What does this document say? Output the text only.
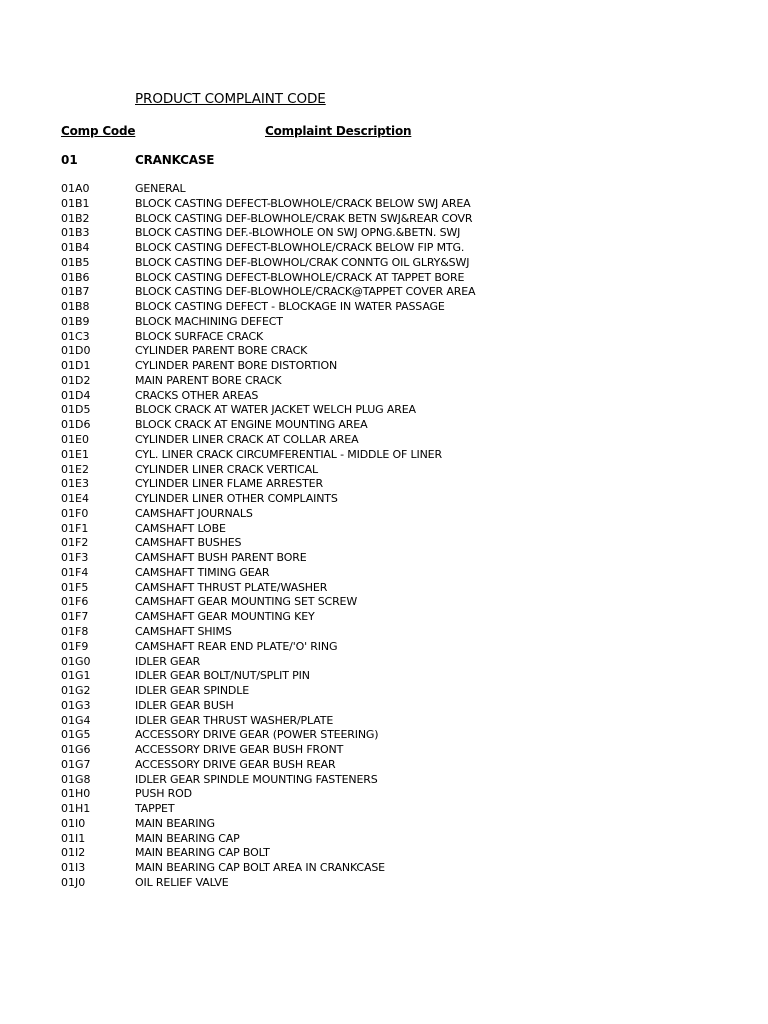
PRODUCT COMPLAINT CODE
Comp Code	Complaint Description
01	CRANKCASE
01A0	GENERAL
01B1	BLOCK CASTING DEFECT-BLOWHOLE/CRACK BELOW SWJ AREA
01B2	BLOCK CASTING DEF-BLOWHOLE/CRAK BETN SWJ&REAR COVR
01B3	BLOCK CASTING DEF.-BLOWHOLE ON SWJ OPNG.&BETN. SWJ
01B4	BLOCK CASTING DEFECT-BLOWHOLE/CRACK BELOW FIP MTG.
01B5	BLOCK CASTING DEF-BLOWHOL/CRAK CONNTG OIL GLRY&SWJ
01B6	BLOCK CASTING DEFECT-BLOWHOLE/CRACK AT TAPPET BORE
01B7	BLOCK CASTING DEF-BLOWHOLE/CRACK@TAPPET COVER AREA
01B8	BLOCK CASTING DEFECT - BLOCKAGE IN WATER PASSAGE
01B9	BLOCK MACHINING DEFECT
01C3	BLOCK SURFACE CRACK
01D0	CYLINDER PARENT BORE CRACK
01D1	CYLINDER PARENT BORE DISTORTION
01D2	MAIN PARENT BORE CRACK
01D4	CRACKS OTHER AREAS
01D5	BLOCK CRACK AT WATER JACKET WELCH PLUG AREA
01D6	BLOCK CRACK AT ENGINE MOUNTING AREA
01E0	CYLINDER LINER CRACK AT COLLAR AREA
01E1	CYL. LINER CRACK CIRCUMFERENTIAL - MIDDLE OF LINER
01E2	CYLINDER LINER CRACK VERTICAL
01E3	CYLINDER LINER FLAME ARRESTER
01E4	CYLINDER LINER OTHER COMPLAINTS
01F0	CAMSHAFT JOURNALS
01F1	CAMSHAFT LOBE
01F2	CAMSHAFT BUSHES
01F3	CAMSHAFT BUSH PARENT BORE
01F4	CAMSHAFT TIMING GEAR
01F5	CAMSHAFT THRUST PLATE/WASHER
01F6	CAMSHAFT GEAR MOUNTING SET SCREW
01F7	CAMSHAFT GEAR MOUNTING KEY
01F8	CAMSHAFT SHIMS
01F9	CAMSHAFT REAR END PLATE/'O' RING
01G0	IDLER GEAR
01G1	IDLER GEAR BOLT/NUT/SPLIT PIN
01G2	IDLER GEAR SPINDLE
01G3	IDLER GEAR BUSH
01G4	IDLER GEAR THRUST WASHER/PLATE
01G5	ACCESSORY DRIVE GEAR (POWER STEERING)
01G6	ACCESSORY DRIVE GEAR BUSH FRONT
01G7	ACCESSORY DRIVE GEAR BUSH REAR
01G8	IDLER GEAR SPINDLE MOUNTING FASTENERS
01H0	PUSH ROD
01H1	TAPPET
01I0	MAIN BEARING
01I1	MAIN BEARING CAP
01I2	MAIN BEARING CAP BOLT
01I3	MAIN BEARING CAP BOLT AREA IN CRANKCASE
01J0	OIL RELIEF VALVE
